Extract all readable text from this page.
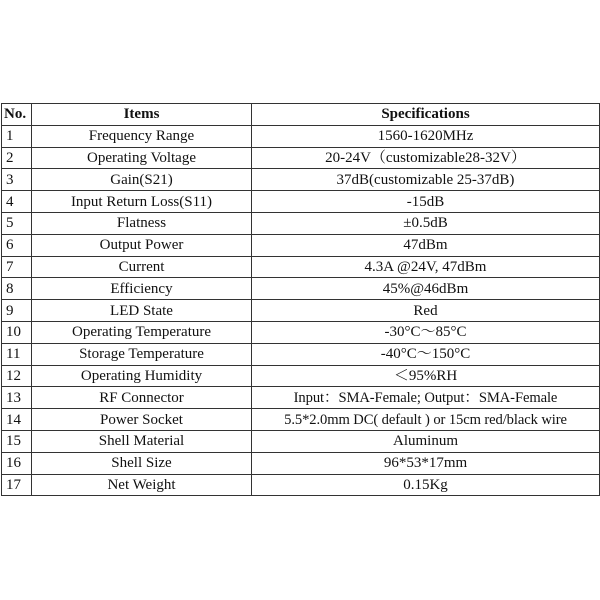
No.	Items	Specifications
1	Frequency Range	1560-1620MHz
2	Operating Voltage	20-24V（customizable28-32V）
3	Gain(S21)	37dB(customizable 25-37dB)
4	Input Return Loss(S11)	-15dB
5	Flatness	±0.5dB
6	Output Power	47dBm
7	Current	4.3A @24V, 47dBm
8	Efficiency	45%@46dBm
9	LED State	Red
10	Operating Temperature	-30°C～85°C
11	Storage Temperature	-40°C～150°C
12	Operating Humidity	＜95%RH
13	RF Connector	Input：SMA-Female; Output：SMA-Female
14	Power Socket	5.5*2.0mm DC( default ) or 15cm red/black wire
15	Shell Material	Aluminum
16	Shell Size	96*53*17mm
17	Net Weight	0.15Kg
